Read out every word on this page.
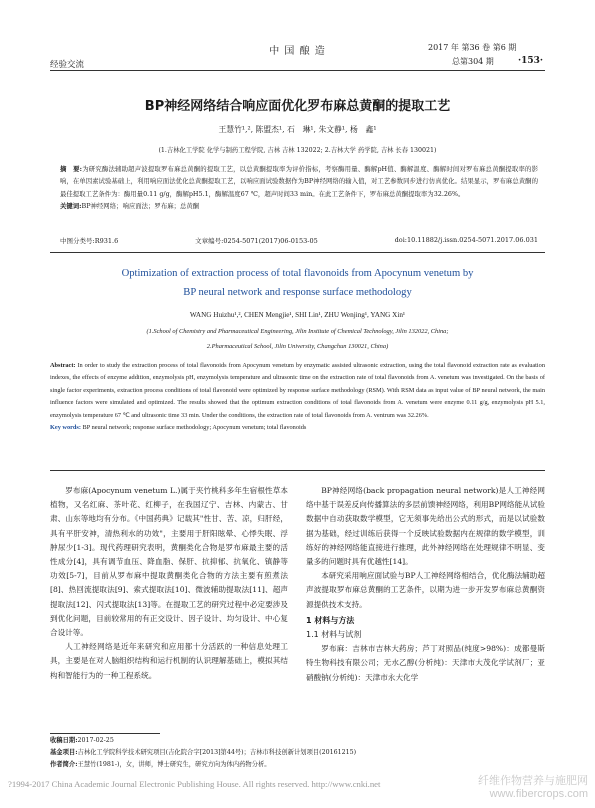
经验交流
中 国 酿 造	2017 年 第36 卷 第6 期
总第304 期	·153·
BP神经网络结合响应面优化罗布麻总黄酮的提取工艺
王慧竹¹,², 陈盟杰¹, 石　琳¹, 朱文静¹, 杨　鑫¹
(1.吉林化工学院 化学与制药工程学院, 吉林 吉林 132022; 2.吉林大学 药学院, 吉林 长春 130021)
摘　要:为研究酶法辅助超声波提取罗布麻总黄酮的提取工艺，以总黄酮提取率为评价指标，考察酶用量、酶解pH值、酶解温度、酶解时间对罗布麻总黄酮提取率的影响，在单因素试验基础上，利用响应面法优化总黄酮提取工艺，以响应面试验数据作为BP神经网络的输入值，对工艺参数同步进行仿真优化。结果显示，罗布麻总黄酮的最佳提取工艺条件为：酶用量0.11 g/g，酶解pH5.1，酶解温度67 ℃，超声时间33 min。在此工艺条件下，罗布麻总黄酮提取率为32.26%。
关键词:BP神经网络；响应面法；罗布麻；总黄酮
中图分类号:R931.6	文章编号:0254-5071(2017)06-0153-05	doi:10.11882/j.issn.0254-5071.2017.06.031
Optimization of extraction process of total flavonoids from Apocynum venetum by
BP neural network and response surface methodology
WANG Huizhu¹,², CHEN Mengjie¹, SHI Lin¹, ZHU Wenjing¹, YANG Xin¹
(1.School of Chemistry and Pharmaceutical Engineering, Jilin Institute of Chemical Technology, Jilin 132022, China;
2.Pharmaceutical School, Jilin University, Changchun 130021, China)
Abstract: In order to study the extraction process of total flavonoids from Apocynum venetum by enzymatic assisted ultrasonic extraction, using the total flavonoid extraction rate as evaluation indexes, the effects of enzyme addition, enzymolysis pH, enzymolysis temperature and ultrasonic time on the extraction rate of total flavonoids from A. venetum was investigated. On the basis of single factor experiments, extraction process conditions of total flavonoid were optimized by response surface methodology (RSM). With RSM data as input value of BP neural network, the main influence factors were simulated and optimized. The results showed that the optimum extraction conditions of total flavonoids from A. venetum were enzyme 0.11 g/g, enzymolysis pH 5.1, enzymolysis temperature 67 ℃ and ultrasonic time 33 min. Under the conditions, the extraction rate of total flavonoids from A. ventrum was 32.26%.
Key words: BP neural network; response surface methodology; Apocynum venetum; total flavonoids

罗布麻(Apocynum venetum L.)属于夹竹桃科多年生宿根性草本植物，又名红麻、茶叶花、红柳子，在我国辽宁、吉林、内蒙古、甘肃、山东等地均有分布。《中国药典》记载其"性甘、苦、凉，归肝经，具有平肝安神，清热利水的功效"，主要用于肝阳眩晕、心悸失眠、浮肿尿少[1-3]。现代药理研究表明，黄酮类化合物是罗布麻最主要的活性成分[4]，具有调节血压、降血脂、保肝、抗抑郁、抗氧化、镇静等功效[5-7]，目前从罗布麻中提取黄酮类化合物的方法主要有煎煮法[8]、热回流提取法[9]、索式提取法[10]、微波辅助提取法[11]、超声提取法[12]、闪式提取法[13]等。在提取工艺的研究过程中必定要涉及到优化问题，目前较常用的有正交设计、因子设计、均匀设计、中心复合设计等。

人工神经网络是近年来研究和应用都十分活跃的一种信息处理工具，主要是在对人脑组织结构和运行机制的认识理解基础上，模拟其结构和智能行为的一种工程系统。

BP神经网络(back propagation neural network)是人工神经网络中基于误差反向传播算法的多层前馈神经网络，利用BP网络能从试验数据中自动获取数学模型，它无须事先给出公式的形式，而是以试验数据为基础，经过训练后获得一个反映试验数据内在规律的数学模型，训练好的神经网络能直接进行推理，此外神经网络在处理规律不明显、变量多的问题时具有优越性[14]。

本研究采用响应面试验与BP人工神经网络相结合，优化酶法辅助超声波提取罗布麻总黄酮的工艺条件，以期为进一步开发罗布麻总黄酮资源提供技术支持。

1 材料与方法
1.1 材料与试剂

罗布麻：吉林市吉林大药房；芦丁对照品(纯度>98%)：成都曼斯特生物科技有限公司；无水乙醇(分析纯)：天津市大茂化学试剂厂；亚硝酸钠(分析纯)：天津市永大化学

收稿日期:2017-02-25
基金项目:吉林化工学院科学技术研究项目(吉化院合字[2013]第44号)；吉林市科技创新计划项目(20161215)
作者简介:王慧竹(1981-)，女，讲师，博士研究生，研究方向为体内药物分析。
?1994-2017 China Academic Journal Electronic Publishing House. All rights reserved. http://www.cnki.net	纤维作物营养与施肥网
www.fibercrops.com
